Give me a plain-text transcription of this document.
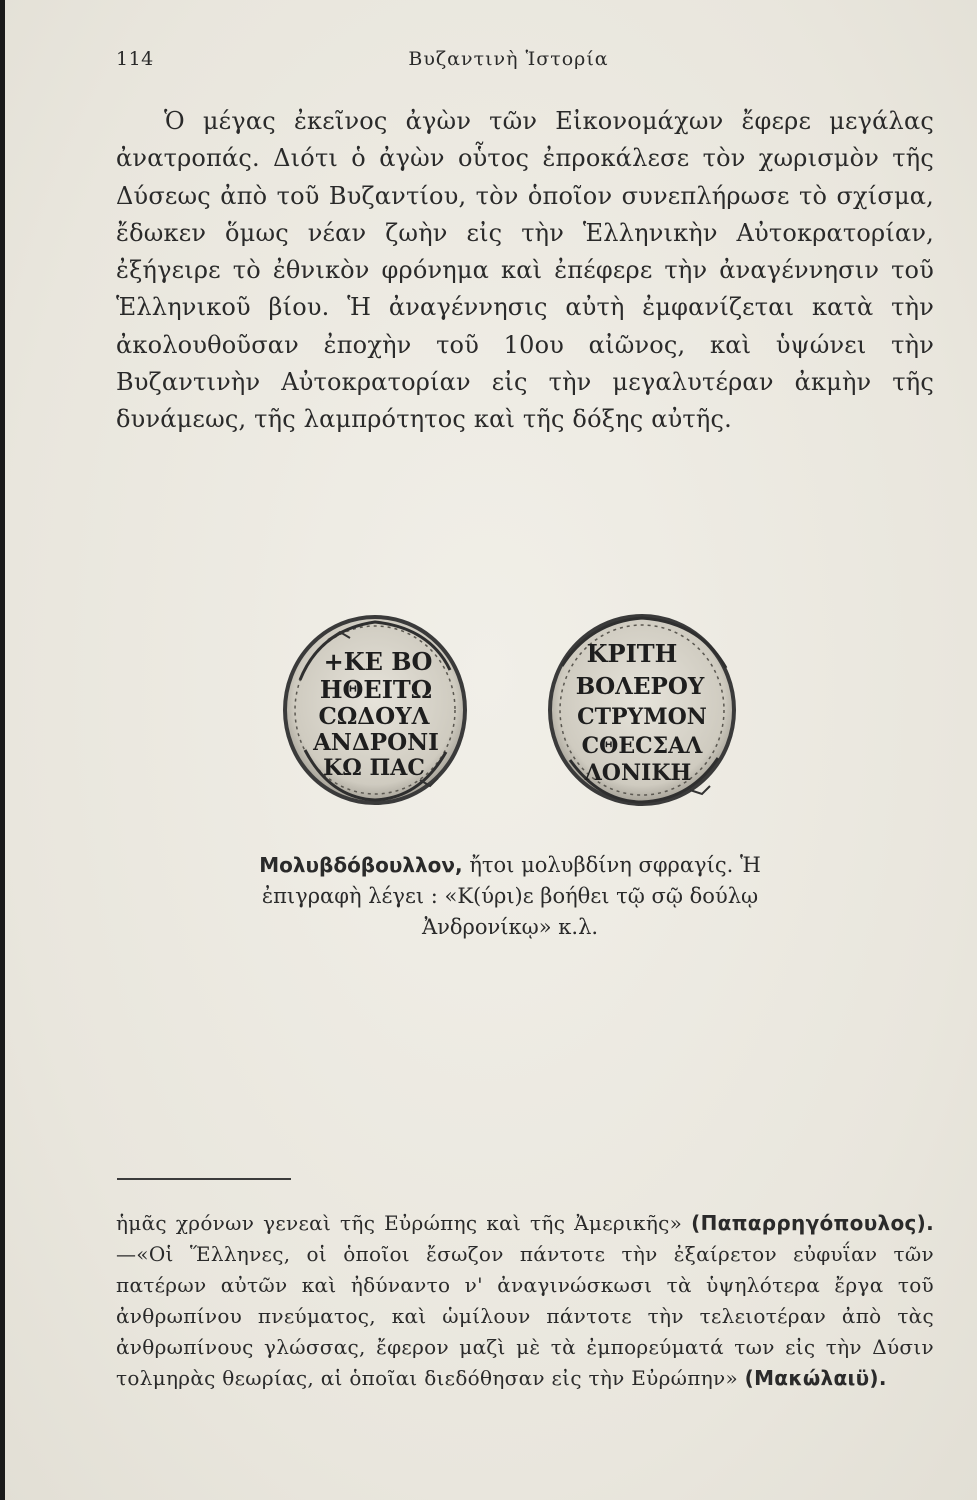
114	Βυζαντινὴ Ἱστορία

Ὁ μέγας ἐκεῖνος ἀγὼν τῶν Εἰκονομάχων ἔφερε μεγάλας ἀνατροπάς. Διότι ὁ ἀγὼν οὗτος ἐπροκάλεσε τὸν χωρισμὸν τῆς Δύσεως ἀπὸ τοῦ Βυζαντίου, τὸν ὁποῖον συνεπλήρωσε τὸ σχίσμα, ἔδωκεν ὅμως νέαν ζωὴν εἰς τὴν Ἑλληνικὴν Αὐτοκρατορίαν, ἐξήγειρε τὸ ἐθνικὸν φρόνημα καὶ ἐπέφερε τὴν ἀναγέννησιν τοῦ Ἑλληνικοῦ βίου. Ἡ ἀναγέννησις αὐτὴ ἐμφανίζεται κατὰ τὴν ἀκολουθοῦσαν ἐποχὴν τοῦ 10ου αἰῶνος, καὶ ὑψώνει τὴν Βυζαντινὴν Αὐτοκρατορίαν εἰς τὴν μεγαλυτέραν ἀκμὴν τῆς δυνάμεως, τῆς λαμπρότητος καὶ τῆς δόξης αὐτῆς.

+ΚΕ ΒΟ
ΗΘΕΙΤΩ
ϹΩΔΟΥΛ
ΑΝΔΡΟΝΙ
ΚΩ ΠΑϹ
ΚΡΙΤΗ
ΒΟΛΕΡΟΥ
ϹΤΡΥΜΟΝ
ϹΘΕϹΣΑΛ
ΛΟΝΙΚΗ
Μολυβδόβουλλον, ἤτοι μολυβδίνη σφραγίς. Ἡ ἐπιγραφὴ λέγει : «Κ(ύρι)ε βοήθει τῷ σῷ δούλῳ Ἀνδρονίκῳ» κ.λ.
ἡμᾶς χρόνων γενεαὶ τῆς Εὐρώπης καὶ τῆς Ἀμερικῆς» (Παπαρρηγόπουλος).—«Οἱ Ἕλληνες, οἱ ὁποῖοι ἔσωζον πάντοτε τὴν ἐξαίρετον εὐφυΐαν τῶν πατέρων αὐτῶν καὶ ἠδύναντο ν' ἀναγινώσκωσι τὰ ὑψηλότερα ἔργα τοῦ ἀνθρωπίνου πνεύματος, καὶ ὡμίλουν πάντοτε τὴν τελειοτέραν ἀπὸ τὰς ἀνθρωπίνους γλώσσας, ἔφερον μαζὶ μὲ τὰ ἐμπορεύματά των εἰς τὴν Δύσιν τολμηρὰς θεωρίας, αἱ ὁποῖαι διεδόθησαν εἰς τὴν Εὐρώπην» (Μακώλαιϋ).
